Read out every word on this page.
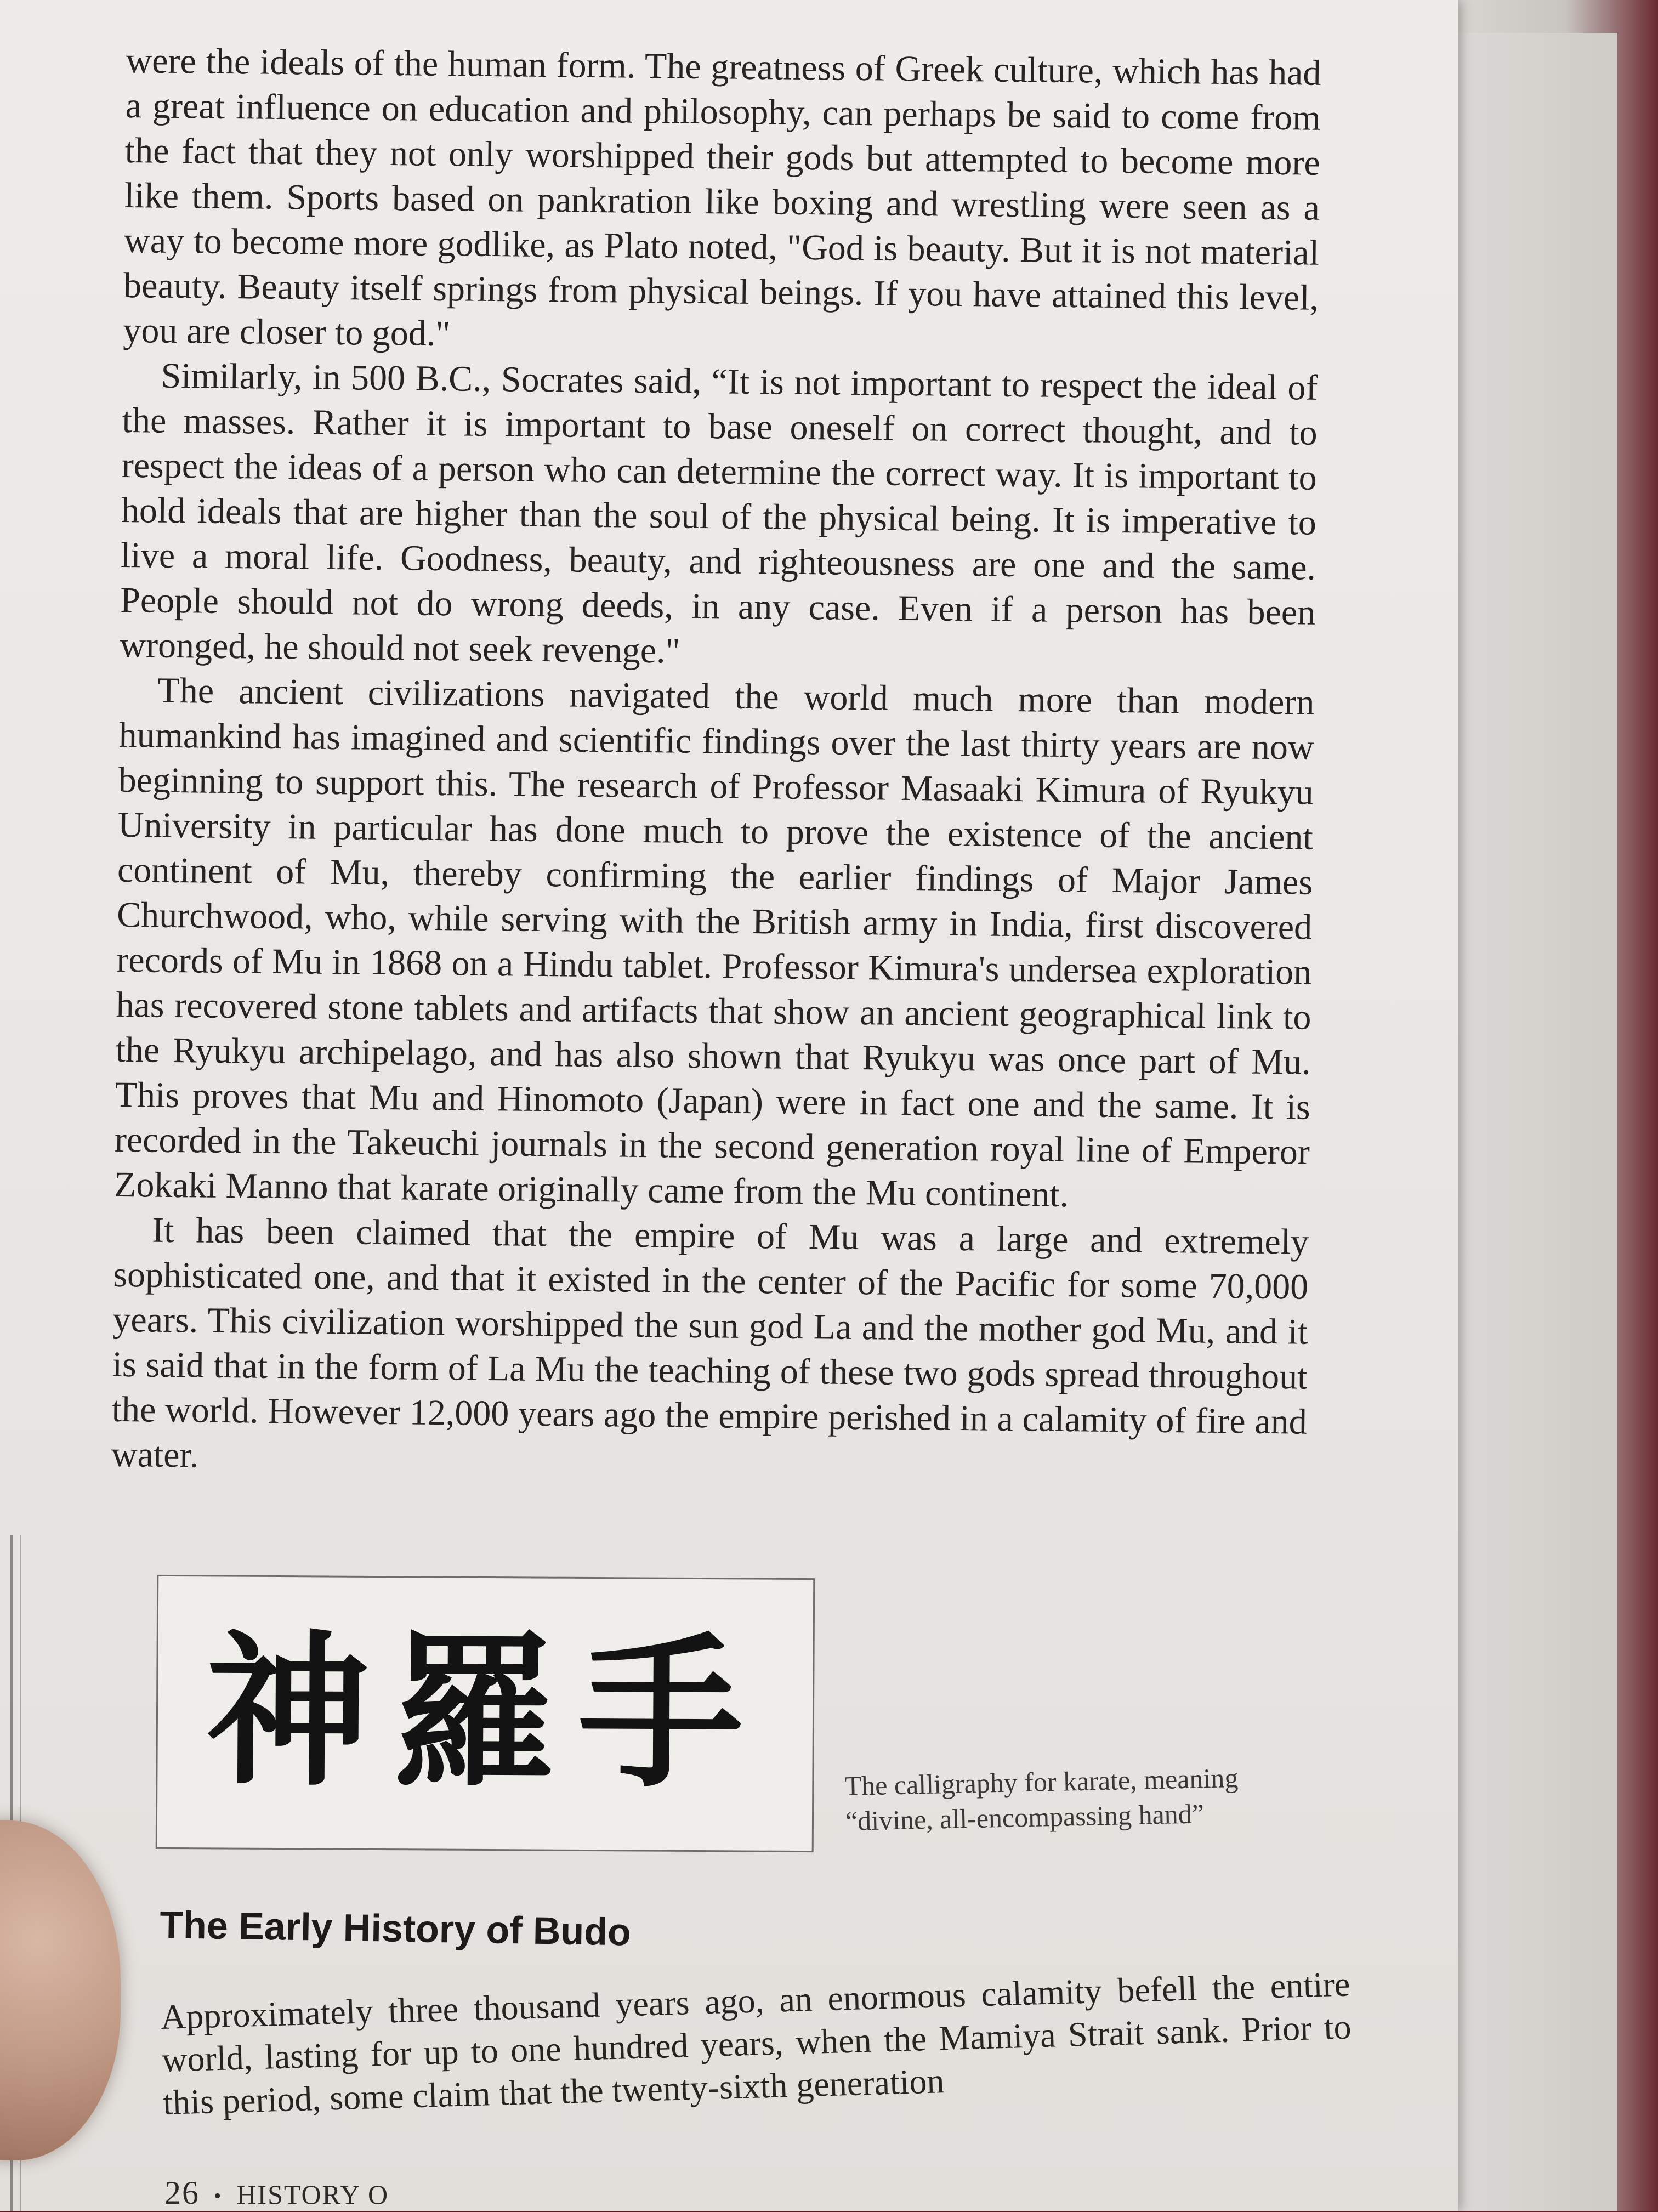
were the ideals of the human form. The greatness of Greek culture, which has had a great influence on education and philosophy, can perhaps be said to come from the fact that they not only worshipped their gods but attempted to become more like them. Sports based on pankration like boxing and wrestling were seen as a way to become more godlike, as Plato noted, "God is beauty. But it is not material beauty. Beauty itself springs from physical beings. If you have attained this level, you are closer to god."

Similarly, in 500 B.C., Socrates said, “It is not important to respect the ideal of the masses. Rather it is important to base oneself on correct thought, and to respect the ideas of a person who can determine the correct way. It is important to hold ideals that are higher than the soul of the physical being. It is imperative to live a moral life. Goodness, beauty, and righteousness are one and the same. People should not do wrong deeds, in any case. Even if a person has been wronged, he should not seek revenge."

The ancient civilizations navigated the world much more than modern humankind has imagined and scientific findings over the last thirty years are now beginning to support this. The research of Professor Masaaki Kimura of Ryukyu University in particular has done much to prove the existence of the ancient continent of Mu, thereby confirming the earlier findings of Major James Churchwood, who, while serving with the British army in India, first discovered records of Mu in 1868 on a Hindu tablet. Professor Kimura's undersea exploration has recovered stone tablets and artifacts that show an ancient geographical link to the Ryukyu archipelago, and has also shown that Ryukyu was once part of Mu. This proves that Mu and Hinomoto (Japan) were in fact one and the same. It is recorded in the Takeuchi journals in the second generation royal line of Emperor Zokaki Manno that karate originally came from the Mu continent.

It has been claimed that the empire of Mu was a large and extremely sophisticated one, and that it existed in the center of the Pacific for some 70,000 years. This civilization worshipped the sun god La and the mother god Mu, and it is said that in the form of La Mu the teaching of these two gods spread throughout the world. However 12,000 years ago the empire perished in a calamity of fire and water.

神羅手	The calligraphy for karate, meaning
“divine, all-encompassing hand”
The Early History of Budo
Approximately three thousand years ago, an enormous calamity befell the entire world, lasting for up to one hundred years, when the Mamiya Strait sank. Prior to this period, some claim that the twenty-sixth generation
26 • HISTORY O
